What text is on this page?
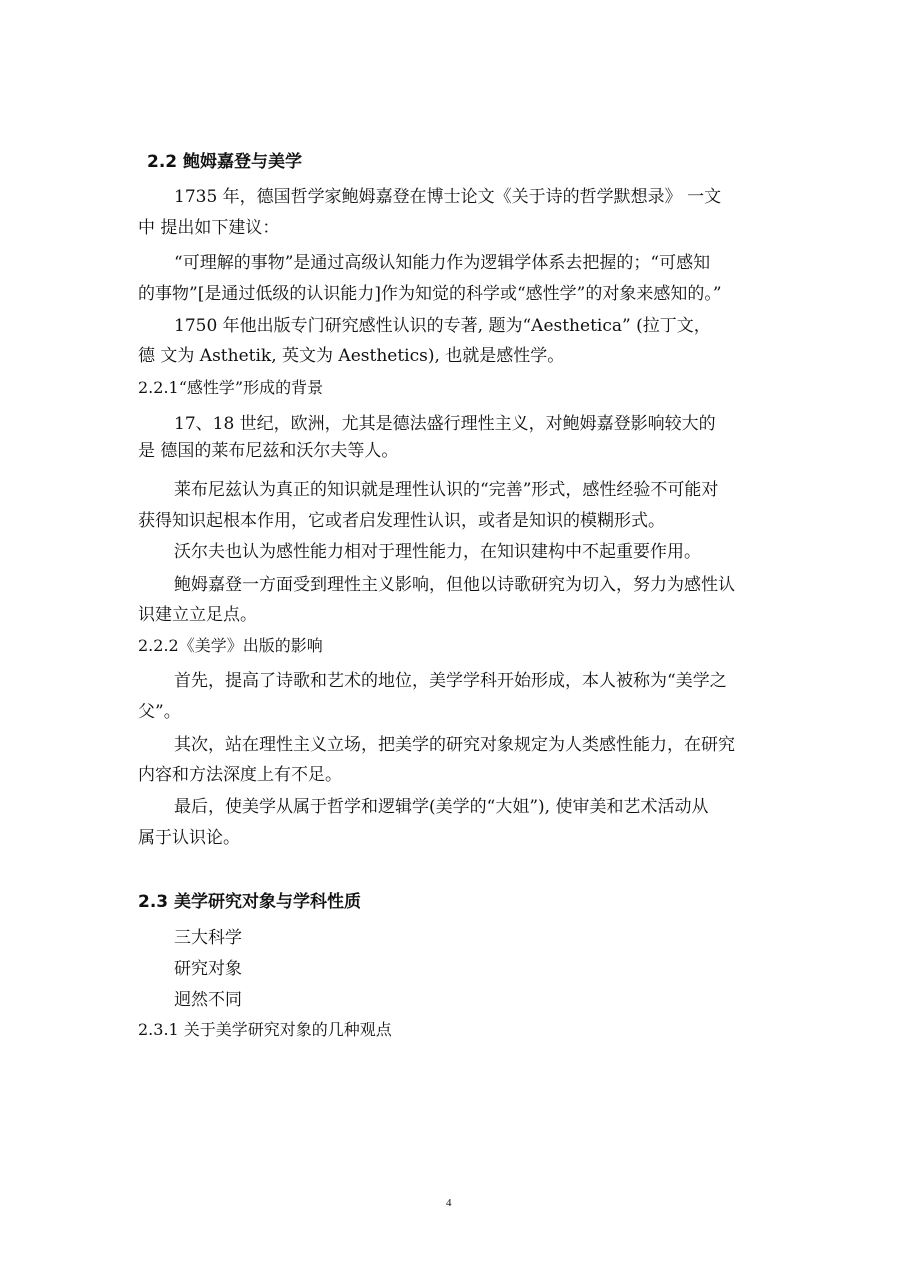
2.2 鲍姆嘉登与美学
1735 年，德国哲学家鲍姆嘉登在博士论文《关于诗的哲学默想录》 一文
中 提出如下建议：
“可理解的事物”是通过高级认知能力作为逻辑学体系去把握的；“可感知
的事物”[是通过低级的认识能力]作为知觉的科学或“感性学”的对象来感知的。”
1750 年他出版专门研究感性认识的专著, 题为“Aesthetica” (拉丁文，
德 文为 Asthetik, 英文为 Aesthetics), 也就是感性学。
2.2.1“感性学”形成的背景
17、18 世纪，欧洲，尤其是德法盛行理性主义，对鲍姆嘉登影响较大的
是 德国的莱布尼兹和沃尔夫等人。
莱布尼兹认为真正的知识就是理性认识的“完善”形式，感性经验不可能对
获得知识起根本作用，它或者启发理性认识，或者是知识的模糊形式。
沃尔夫也认为感性能力相对于理性能力，在知识建构中不起重要作用。
鲍姆嘉登一方面受到理性主义影响，但他以诗歌研究为切入，努力为感性认
识建立立足点。
2.2.2《美学》出版的影响
首先，提高了诗歌和艺术的地位，美学学科开始形成，本人被称为“美学之
父”。
其次，站在理性主义立场，把美学的研究对象规定为人类感性能力，在研究
内容和方法深度上有不足。
最后，使美学从属于哲学和逻辑学(美学的“大姐”), 使审美和艺术活动从
属于认识论。
2.3 美学研究对象与学科性质
三大科学
研究对象
迥然不同
2.3.1 关于美学研究对象的几种观点
4
